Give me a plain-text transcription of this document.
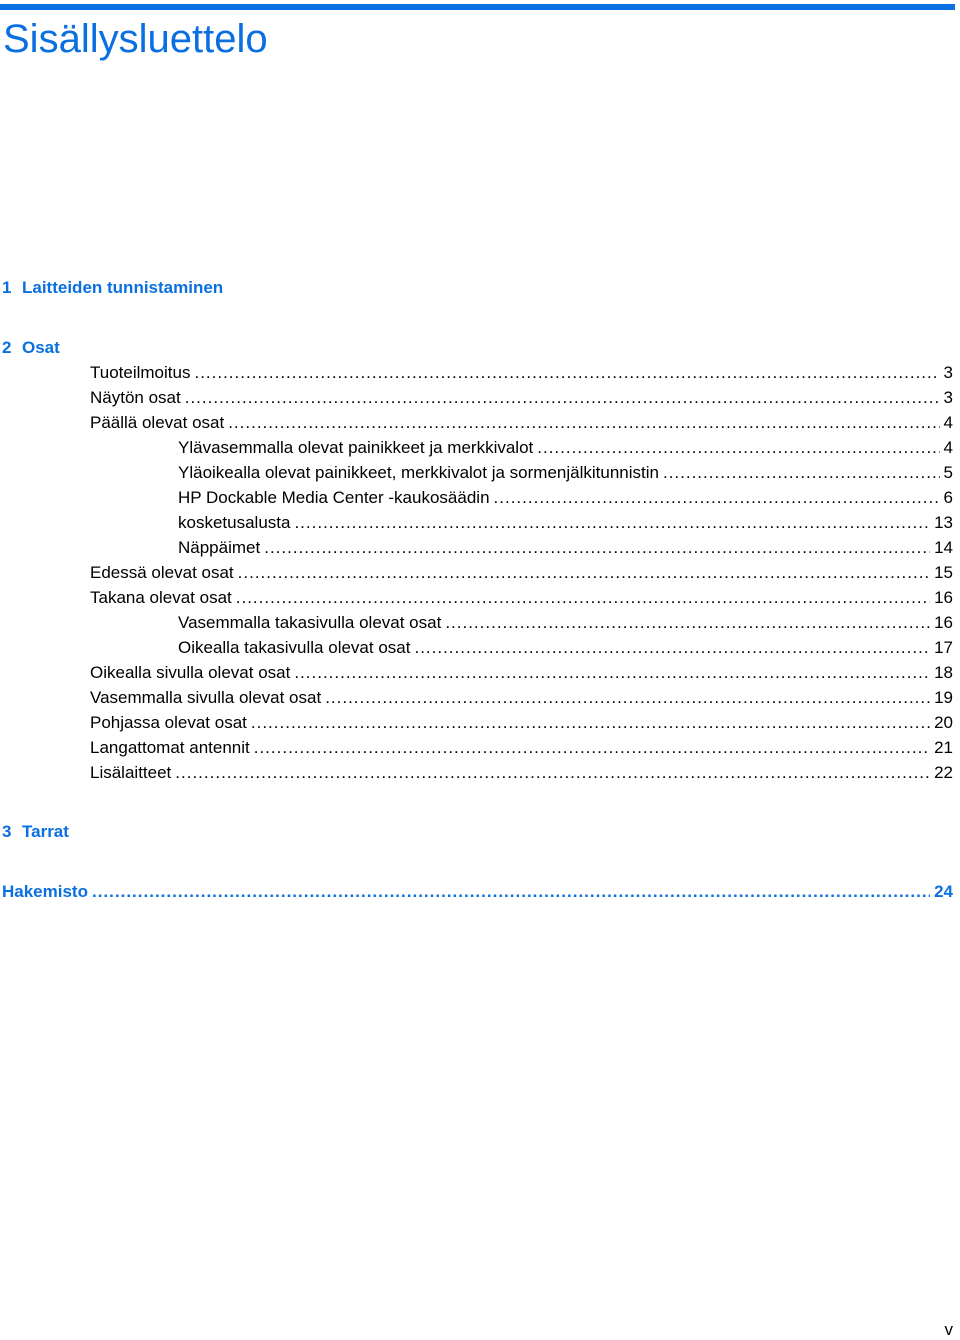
Sisällysluettelo
1 Laitteiden tunnistaminen
2 Osat
Tuoteilmoitus .....	3
Näytön osat .....	3
Päällä olevat osat .....	4
Ylävasemmalla olevat painikkeet ja merkkivalot .....	4
Yläoikealla olevat painikkeet, merkkivalot ja sormenjälkitunnistin .....	5
HP Dockable Media Center -kaukosäädin .....	6
kosketusalusta .....	13
Näppäimet .....	14
Edessä olevat osat .....	15
Takana olevat osat .....	16
Vasemmalla takasivulla olevat osat .....	16
Oikealla takasivulla olevat osat .....	17
Oikealla sivulla olevat osat .....	18
Vasemmalla sivulla olevat osat .....	19
Pohjassa olevat osat .....	20
Langattomat antennit .....	21
Lisälaitteet .....	22
3 Tarrat
Hakemisto .....	24
v
